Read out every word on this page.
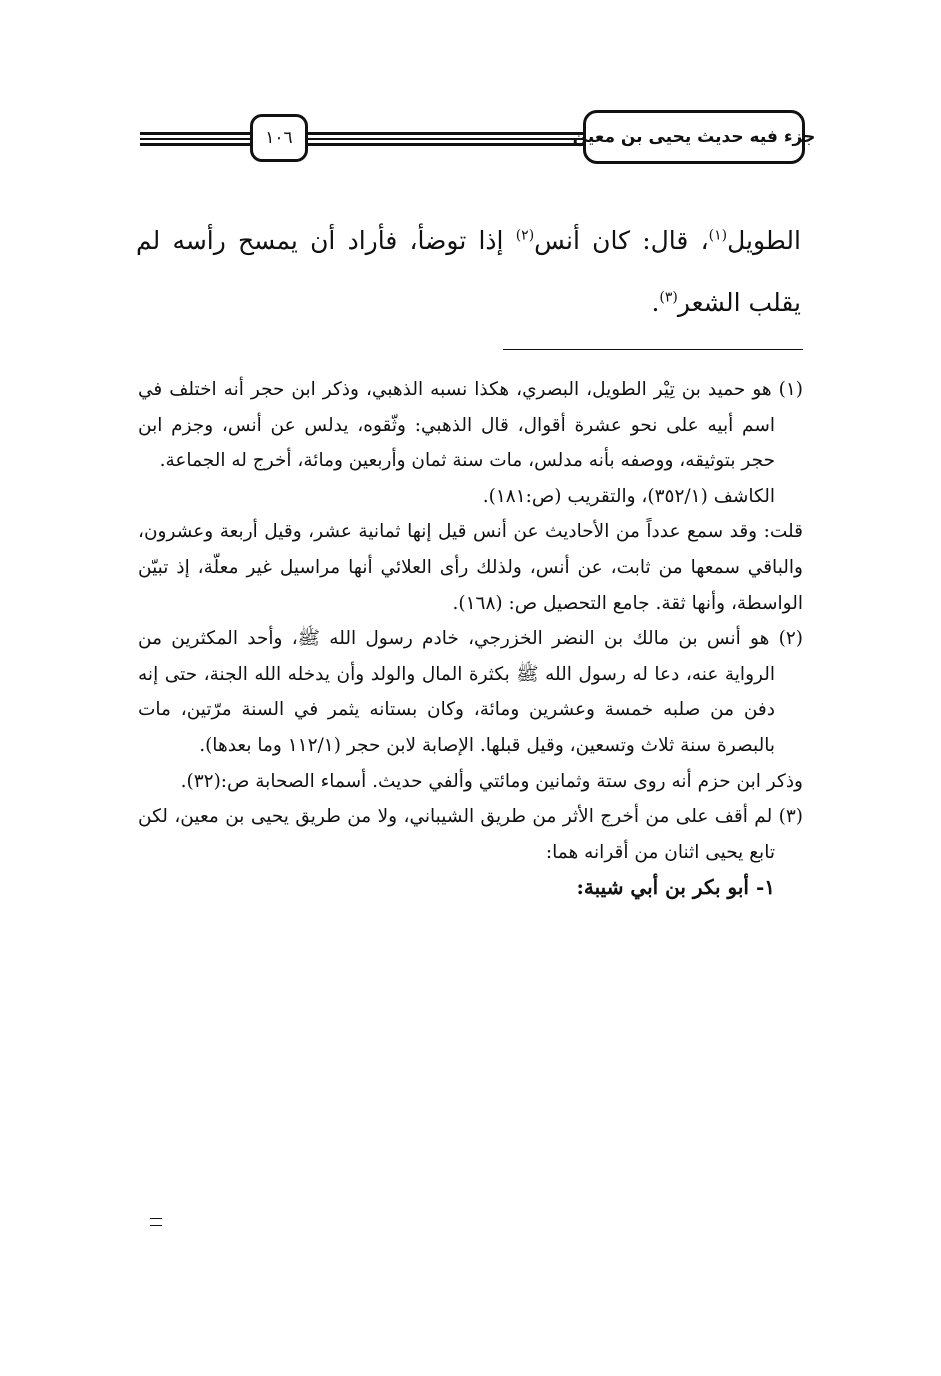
جزء فيه حديث يحيى بن معين
١٠٦
الطويل$^{(١)}$، قال: كان أنس$^{(٢)}$ إذا توضأ، فأراد أن يمسح رأسه لم يقلب الشعر$^{(٣)}$.
(١) هو حميد بن تِيْر الطويل، البصري، هكذا نسبه الذهبي، وذكر ابن حجر أنه اختلف في اسم أبيه على نحو عشرة أقوال، قال الذهبي: وثّقوه، يدلس عن أنس، وجزم ابن حجر بتوثيقه، ووصفه بأنه مدلس، مات سنة ثمان وأربعين ومائة، أخرج له الجماعة.
الكاشف (٣٥٢/١)، والتقريب (ص:١٨١).
قلت: وقد سمع عدداً من الأحاديث عن أنس قيل إنها ثمانية عشر، وقيل أربعة وعشرون، والباقي سمعها من ثابت، عن أنس، ولذلك رأى العلائي أنها مراسيل غير معلّة، إذ تبيّن الواسطة، وأنها ثقة. جامع التحصيل ص: (١٦٨).
(٢) هو أنس بن مالك بن النضر الخزرجي، خادم رسول الله ﷺ، وأحد المكثرين من الرواية عنه، دعا له رسول الله ﷺ بكثرة المال والولد وأن يدخله الله الجنة، حتى إنه دفن من صلبه خمسة وعشرين ومائة، وكان بستانه يثمر في السنة مرّتين، مات بالبصرة سنة ثلاث وتسعين، وقيل قبلها. الإصابة لابن حجر (١١٢/١ وما بعدها).
وذكر ابن حزم أنه روى ستة وثمانين ومائتي وألفي حديث. أسماء الصحابة ص:(٣٢).
(٣) لم أقف على من أخرج الأثر من طريق الشيباني، ولا من طريق يحيى بن معين، لكن تابع يحيى اثنان من أقرانه هما:
١- أبو بكر بن أبي شيبة:
